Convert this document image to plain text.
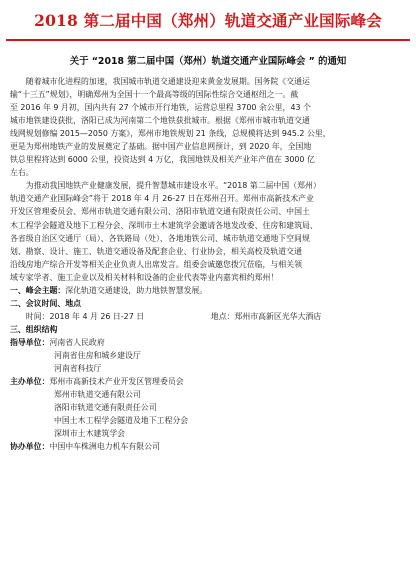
2018 第二届中国（郑州）轨道交通产业国际峰会
关于 “2018 第二届中国（郑州）轨道交通产业国际峰会 ” 的通知
随着城市化进程的加速，我国城市轨道交通建设迎来黄金发展期。国务院《交通运
输“十三五”规划》，明确郑州为全国十一个最高等级的国际性综合交通枢纽之一。截
至 2016 年 9 月初，国内共有 27 个城市开行地铁，运营总里程 3700 余公里，43 个
城市地铁建设获批，洛阳已成为河南第二个地铁获批城市。根据《郑州市城市轨道交通
线网规划修编 2015—2050 方案》，郑州市地铁规划 21 条线，总规模将达到 945.2 公里，
更是为郑州地铁产业的发展奠定了基础。据中国产业信息网预计，到 2020 年，全国地
铁总里程将达到 6000 公里，投资达到 4 万亿，我国地铁及相关产业年产值在 3000 亿
左右。
为推动我国地铁产业健康发展，提升智慧城市建设水平。“2018 第二届中国（郑州）
轨道交通产业国际峰会”将于 2018 年 4 月 26-27 日在郑州召开。郑州市高新技术产业
开发区管理委员会、郑州市轨道交通有限公司、洛阳市轨道交通有限责任公司、中国土
木工程学会隧道及地下工程分会、深圳市土木建筑学会邀请各地发改委、住房和建筑局、
各省级自治区交通厅（局）、各铁路局（处）、各地地铁公司、城市轨道交通地下空间规
划、勘察、设计、施工、轨道交通设备及配套企业、行业协会，相关高校及轨道交通
沿线房地产综合开发等相关企业负责人出席发言。组委会诚邀您拨冗莅临，与相关领
域专家学者、施工企业以及相关材料和设备的企业代表等业内嘉宾相约郑州！
一、峰会主题：深化轨道交通建设，助力地铁智慧发展。
二、会议时间、地点
时间：2018 年 4 月 26 日-27 日	地点：郑州市高新区光华大酒店
三、组织结构
指导单位：河南省人民政府
河南省住房和城乡建设厅
河南省科技厅
主办单位：郑州市高新技术产业开发区管理委员会
郑州市轨道交通有限公司
洛阳市轨道交通有限责任公司
中国土木工程学会隧道及地下工程分会
深圳市土木建筑学会
协办单位：中国中车株洲电力机车有限公司
